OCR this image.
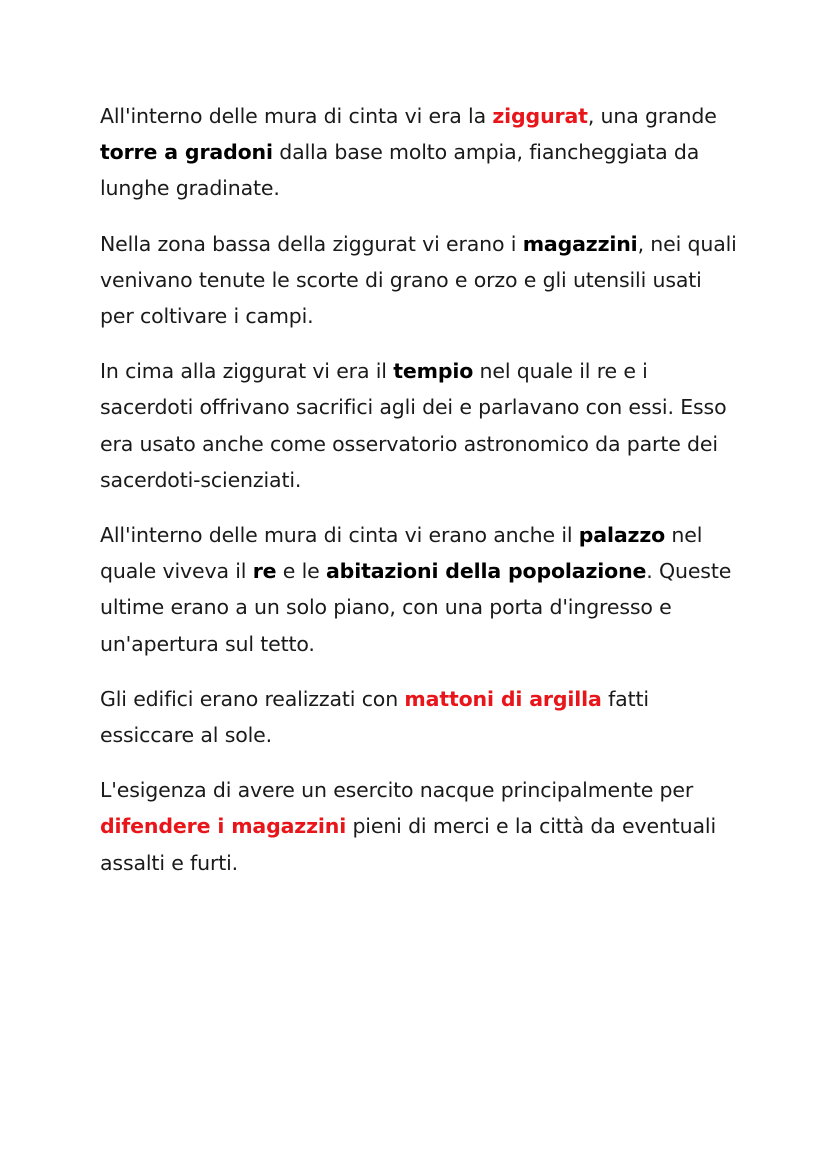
All'interno delle mura di cinta vi era la ziggurat, una grande torre a gradoni dalla base molto ampia, fiancheggiata da lunghe gradinate.

Nella zona bassa della ziggurat vi erano i magazzini, nei quali venivano tenute le scorte di grano e orzo e gli utensili usati per coltivare i campi.

In cima alla ziggurat vi era il tempio nel quale il re e i sacerdoti offrivano sacrifici agli dei e parlavano con essi. Esso era usato anche come osservatorio astronomico da parte dei sacerdoti-scienziati.

All'interno delle mura di cinta vi erano anche il palazzo nel quale viveva il re e le abitazioni della popolazione. Queste ultime erano a un solo piano, con una porta d'ingresso e un'apertura sul tetto.

Gli edifici erano realizzati con mattoni di argilla fatti essiccare al sole.

L'esigenza di avere un esercito nacque principalmente per difendere i magazzini pieni di merci e la città da eventuali assalti e furti.
